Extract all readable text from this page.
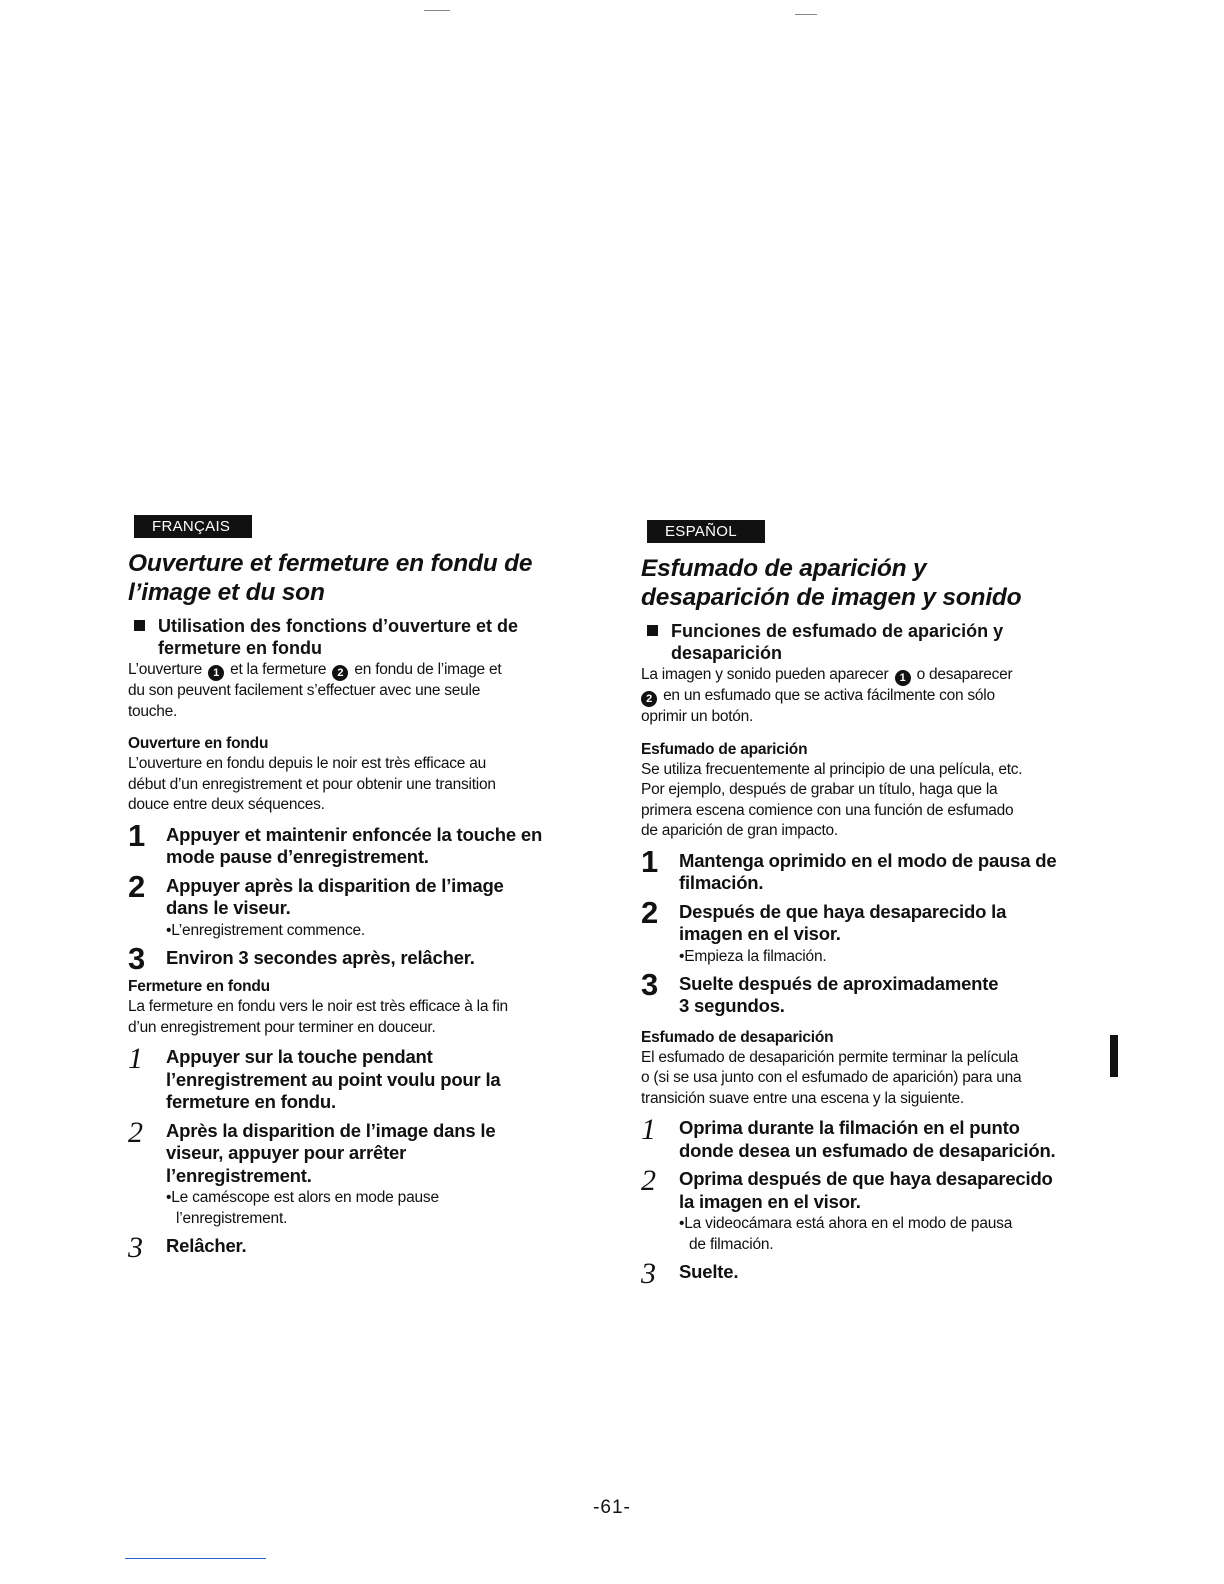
FRANÇAIS
Ouverture et fermeture en fondu de
l’image et du son
Utilisation des fonctions d’ouverture et de
fermeture en fondu
L’ouverture 1 et la fermeture 2 en fondu de l’image et
du son peuvent facilement s’effectuer avec une seule
touche.
Ouverture en fondu
L’ouverture en fondu depuis le noir est très efficace au
début d’un enregistrement et pour obtenir une transition
douce entre deux séquences.
1 Appuyer et maintenir enfoncée la touche en
mode pause d’enregistrement.
2 Appuyer après la disparition de l’image
dans le viseur.
•L’enregistrement commence.
3 Environ 3 secondes après, relâcher.
Fermeture en fondu
La fermeture en fondu vers le noir est très efficace à la fin
d’un enregistrement pour terminer en douceur.
1 Appuyer sur la touche pendant
l’enregistrement au point voulu pour la
fermeture en fondu.
2 Après la disparition de l’image dans le
viseur, appuyer pour arrêter
l’enregistrement.
•Le caméscope est alors en mode pause
l’enregistrement.
3 Relâcher.
ESPAÑOL
Esfumado de aparición y
desaparición de imagen y sonido
Funciones de esfumado de aparición y
desaparición
La imagen y sonido pueden aparecer 1 o desaparecer
2 en un esfumado que se activa fácilmente con sólo
oprimir un botón.
Esfumado de aparición
Se utiliza frecuentemente al principio de una película, etc.
Por ejemplo, después de grabar un título, haga que la
primera escena comience con una función de esfumado
de aparición de gran impacto.
1 Mantenga oprimido en el modo de pausa de
filmación.
2 Después de que haya desaparecido la
imagen en el visor.
•Empieza la filmación.
3 Suelte después de aproximadamente
3 segundos.
Esfumado de desaparición
El esfumado de desaparición permite terminar la película
o (si se usa junto con el esfumado de aparición) para una
transición suave entre una escena y la siguiente.
1 Oprima durante la filmación en el punto
donde desea un esfumado de desaparición.
2 Oprima después de que haya desaparecido
la imagen en el visor.
•La videocámara está ahora en el modo de pausa
de filmación.
3 Suelte.
-61-
